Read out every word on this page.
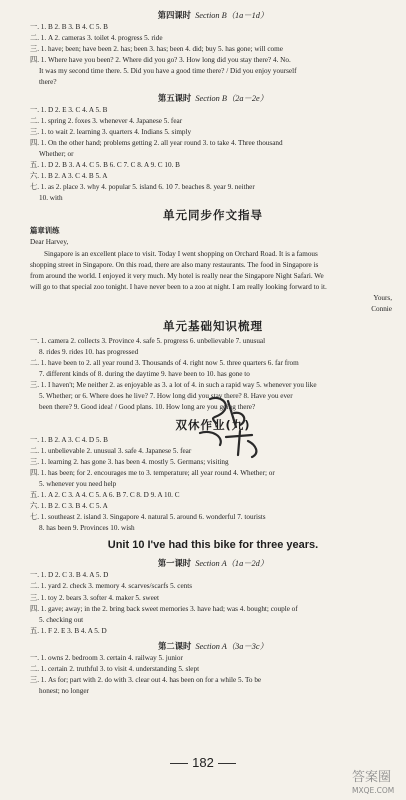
第四课时 Section B（1a－1d）
一. 1. B 2. B 3. B 4. C 5. B
二. 1. A 2. cameras 3. toilet 4. progress 5. ride
三. 1. have; been; have been 2. has; been 3. has; been 4. did; buy 5. has gone; will come
四. 1. Where have you been? 2. Where did you go? 3. How long did you stay there? 4. No.
It was my second time there. 5. Did you have a good time there? / Did you enjoy yourself
there?
第五课时 Section B（2a－2e）
一. 1. D 2. E 3. C 4. A 5. B
二. 1. spring 2. foxes 3. whenever 4. Japanese 5. fear
三. 1. to wait 2. learning 3. quarters 4. Indians 5. simply
四. 1. On the other hand; problems getting 2. all year round 3. to take 4. Three thousand
Whether; or
五. 1. D 2. B 3. A 4. C 5. B 6. C 7. C 8. A 9. C 10. B
六. 1. B 2. A 3. C 4. B 5. A
七. 1. as 2. place 3. why 4. popular 5. island 6. 10 7. beaches 8. year 9. neither
10. with
单元同步作文指导
篇章训练
Dear Harvey,
Singapore is an excellent place to visit. Today I went shopping on Orchard Road. It is a famous
shopping street in Singapore. On this road, there are also many restaurants. The food in Singapore is
from around the world. I enjoyed it very much. My hotel is really near the Singapore Night Safari. We
will go to that special zoo tonight. I have never been to a zoo at night. I am really looking forward to it.
Yours,
Connie
单元基础知识梳理
一. 1. camera 2. collects 3. Province 4. safe 5. progress 6. unbelievable 7. unusual
8. rides 9. rides 10. has progressed
二. 1. have been to 2. all year round 3. Thousands of 4. right now 5. three quarters 6. far from
7. different kinds of 8. during the daytime 9. have been to 10. has gone to
三. 1. I haven't; Me neither 2. as enjoyable as 3. a lot of 4. in such a rapid way 5. whenever you like
5. Whether; or 6. Where does he live? 7. How long did you stay there? 8. Have you ever
been there? 9. Good idea! / Good plans. 10. How long are you going there?
双休作业(九)
一. 1. B 2. A 3. C 4. D 5. B
二. 1. unbelievable 2. unusual 3. safe 4. Japanese 5. fear
三. 1. learning 2. has gone 3. has been 4. mostly 5. Germans; visiting
四. 1. has been; for 2. encourages me to 3. temperature; all year round 4. Whether; or
5. whenever you need help
五. 1. A 2. C 3. A 4. C 5. A 6. B 7. C 8. D 9. A 10. C
六. 1. B 2. C 3. B 4. C 5. A
七. 1. southeast 2. island 3. Singapore 4. natural 5. around 6. wonderful 7. tourists
8. has been 9. Provinces 10. wish
Unit 10 I've had this bike for three years.
第一课时 Section A（1a－2d）
一. 1. D 2. C 3. B 4. A 5. D
二. 1. yard 2. check 3. memory 4. scarves/scarfs 5. cents
三. 1. toy 2. bears 3. softer 4. maker 5. sweet
四. 1. gave; away; in the 2. bring back sweet memories 3. have had; was 4. bought; couple of
5. checking out
五. 1. F 2. E 3. B 4. A 5. D
第二课时 Section A（3a－3c）
一. 1. owns 2. bedroom 3. certain 4. railway 5. junior
二. 1. certain 2. truthful 3. to visit 4. understanding 5. slept
三. 1. As for; part with 2. do with 3. clear out 4. has been on for a while 5. To be
honest; no longer
182
答案圈
MXQE.COM
